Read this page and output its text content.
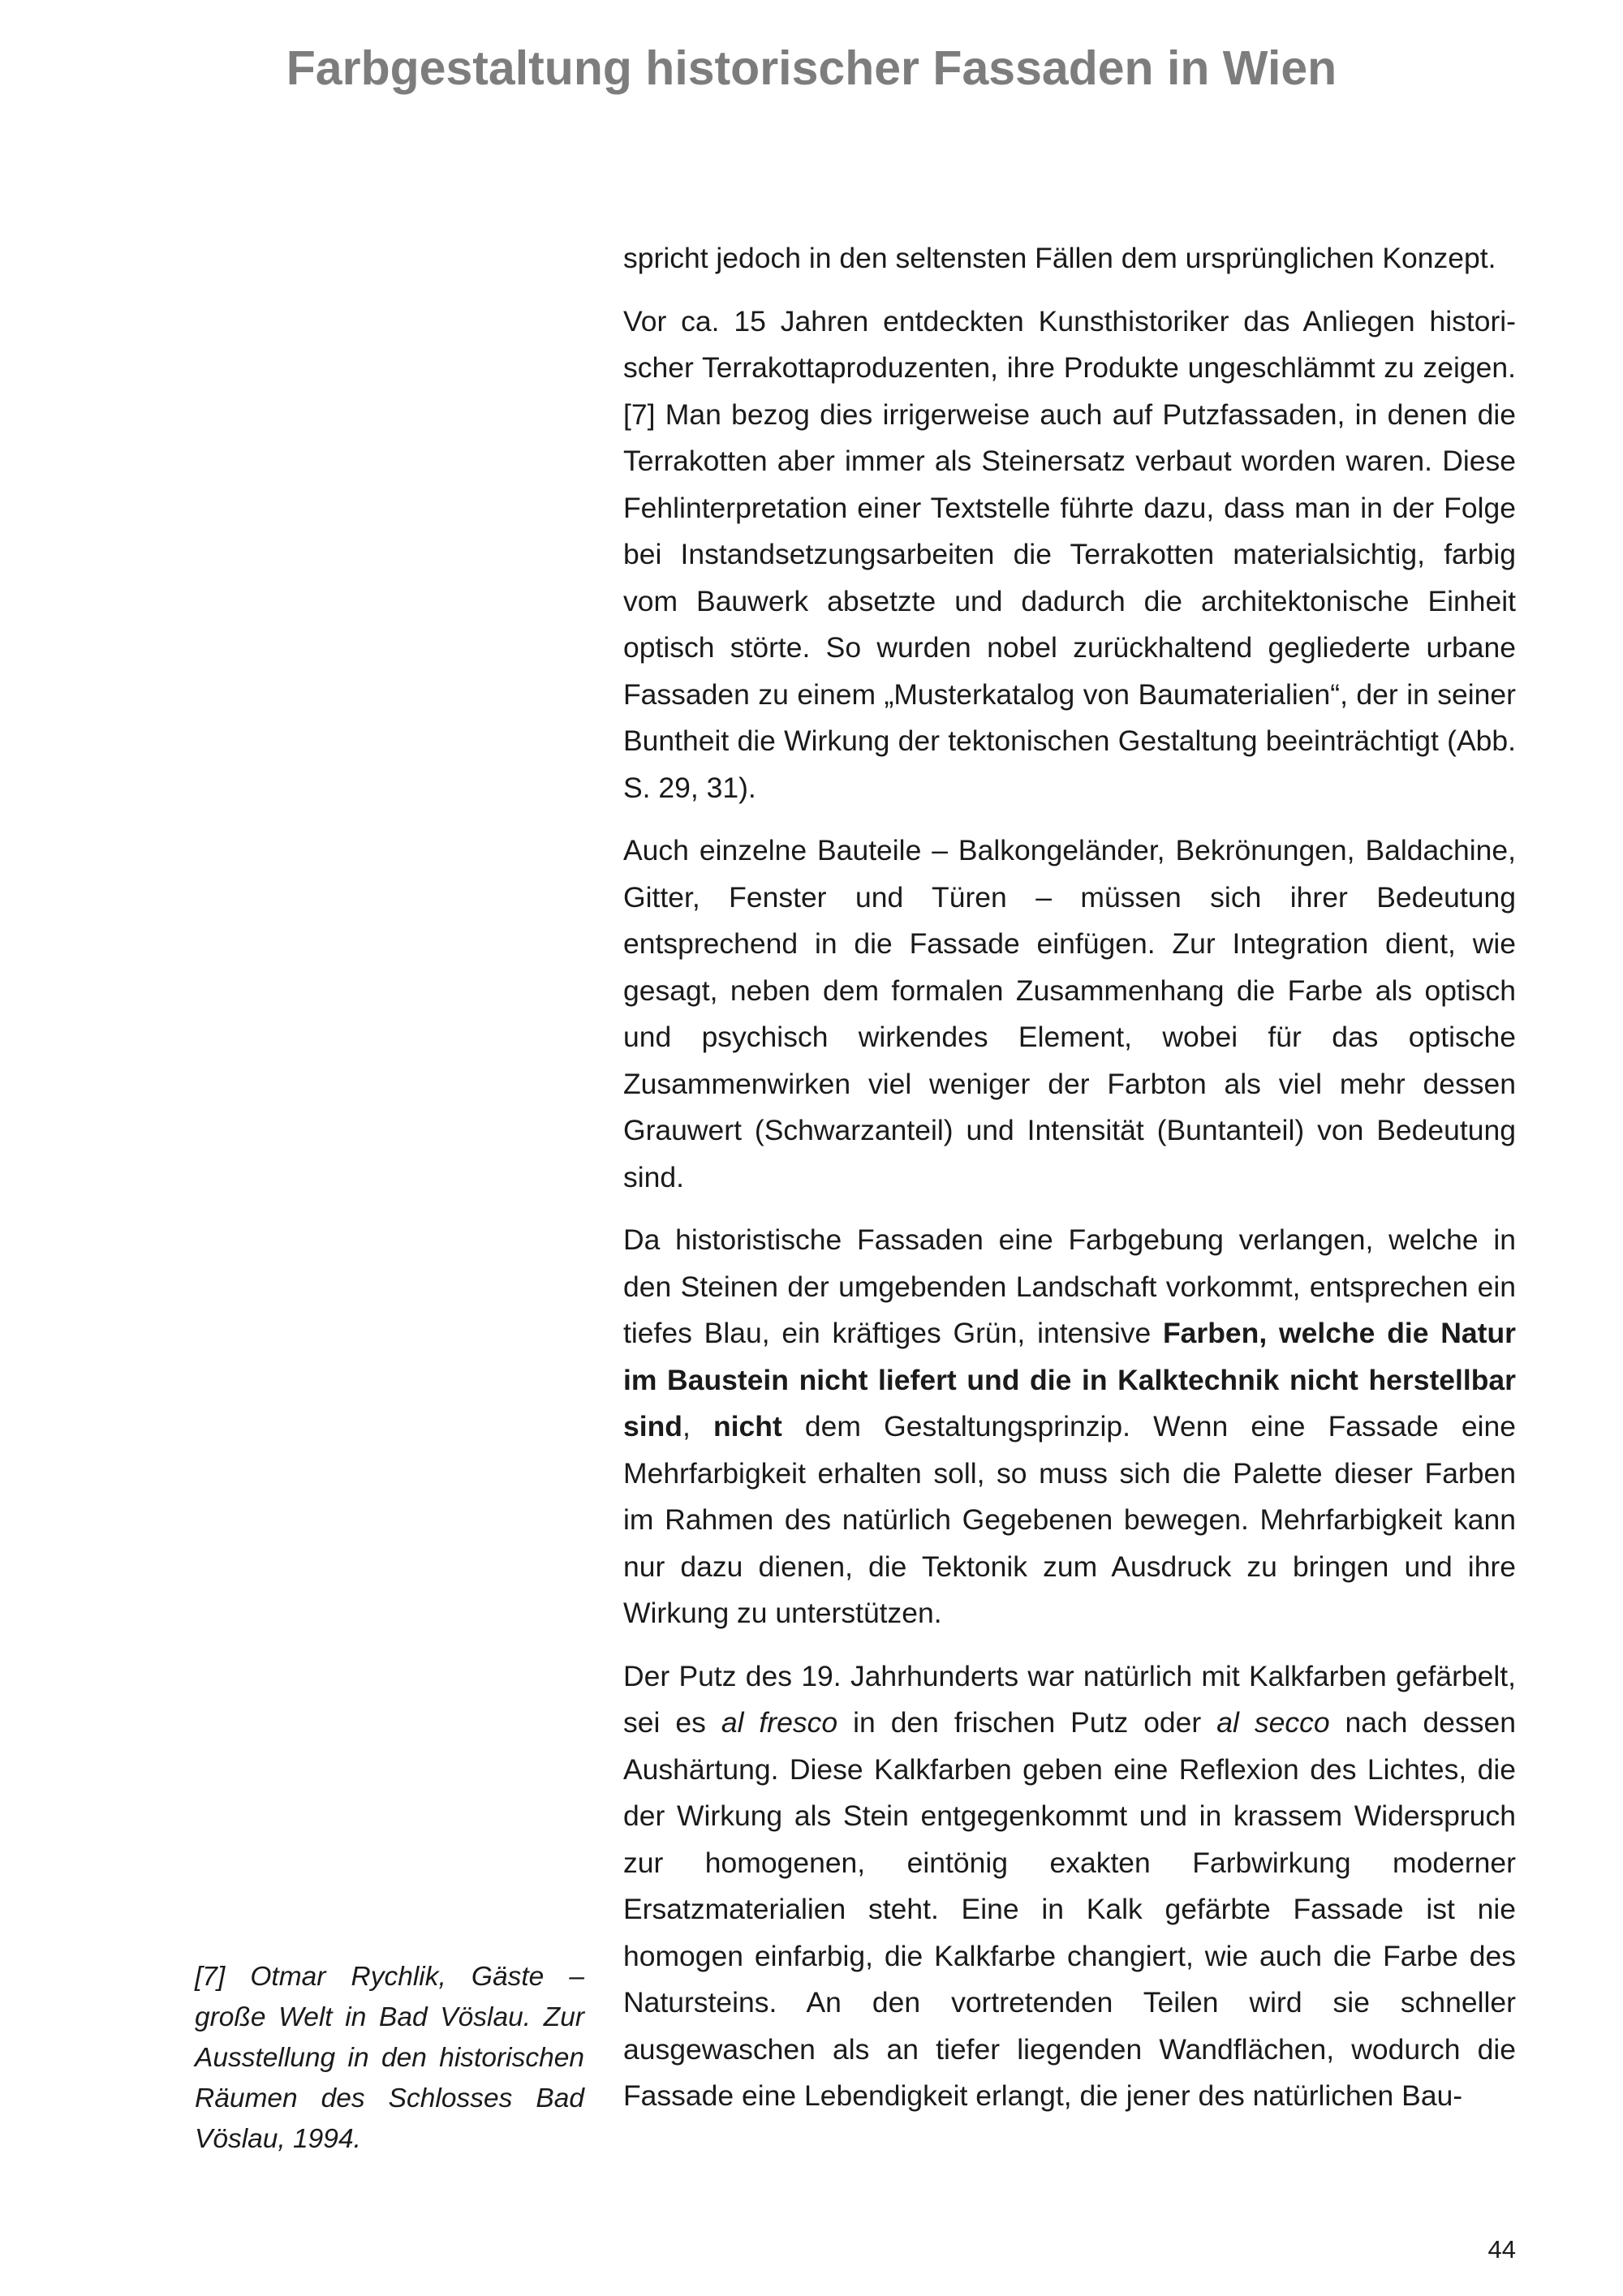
Farbgestaltung historischer Fassaden in Wien

spricht jedoch in den seltensten Fällen dem ursprünglichen Konzept.

Vor ca. 15 Jahren entdeckten Kunsthistoriker das Anliegen historischer Terrakottaproduzenten, ihre Produkte ungeschlämmt zu zeigen. [7] Man bezog dies irrigerweise auch auf Putzfassaden, in denen die Terrakotten aber immer als Steinersatz verbaut worden waren. Diese Fehlinterpretation einer Textstelle führte dazu, dass man in der Folge bei Instandsetzungsarbeiten die Terrakotten materialsichtig, farbig vom Bauwerk absetzte und dadurch die architektonische Einheit optisch störte. So wurden nobel zurückhaltend gegliederte urbane Fassaden zu einem „Musterkatalog von Baumaterialien“, der in seiner Buntheit die Wirkung der tektonischen Gestaltung beeinträchtigt (Abb. S. 29, 31).

Auch einzelne Bauteile – Balkongeländer, Bekrönungen, Baldachine, Gitter, Fenster und Türen – müssen sich ihrer Bedeutung entsprechend in die Fassade einfügen. Zur Integration dient, wie gesagt, neben dem formalen Zusammenhang die Farbe als optisch und psychisch wirkendes Element, wobei für das optische Zusammenwirken viel weniger der Farbton als viel mehr dessen Grauwert (Schwarzanteil) und Intensität (Buntanteil) von Bedeutung sind.

Da historistische Fassaden eine Farbgebung verlangen, welche in den Steinen der umgebenden Landschaft vorkommt, entsprechen ein tiefes Blau, ein kräftiges Grün, intensive Farben, welche die Natur im Baustein nicht liefert und die in Kalktechnik nicht herstellbar sind, nicht dem Gestaltungsprinzip. Wenn eine Fassade eine Mehrfarbigkeit erhalten soll, so muss sich die Palette dieser Farben im Rahmen des natürlich Gegebenen bewegen. Mehrfarbigkeit kann nur dazu dienen, die Tektonik zum Ausdruck zu bringen und ihre Wirkung zu unterstützen.

Der Putz des 19. Jahrhunderts war natürlich mit Kalkfarben gefärbelt, sei es al fresco in den frischen Putz oder al secco nach dessen Aushärtung. Diese Kalkfarben geben eine Reflexion des Lichtes, die der Wirkung als Stein entgegenkommt und in krassem Widerspruch zur homogenen, eintönig exakten Farbwirkung moderner Ersatzmaterialien steht. Eine in Kalk gefärbte Fassade ist nie homogen einfarbig, die Kalkfarbe changiert, wie auch die Farbe des Natursteins. An den vortretenden Teilen wird sie schneller ausgewaschen als an tiefer liegenden Wandflächen, wodurch die Fassade eine Lebendigkeit erlangt, die jener des natürlichen Bau-

[7] Otmar Rychlik, Gäste – große Welt in Bad Vöslau. Zur Ausstellung in den historischen Räumen des Schlosses Bad Vöslau, 1994.
44
